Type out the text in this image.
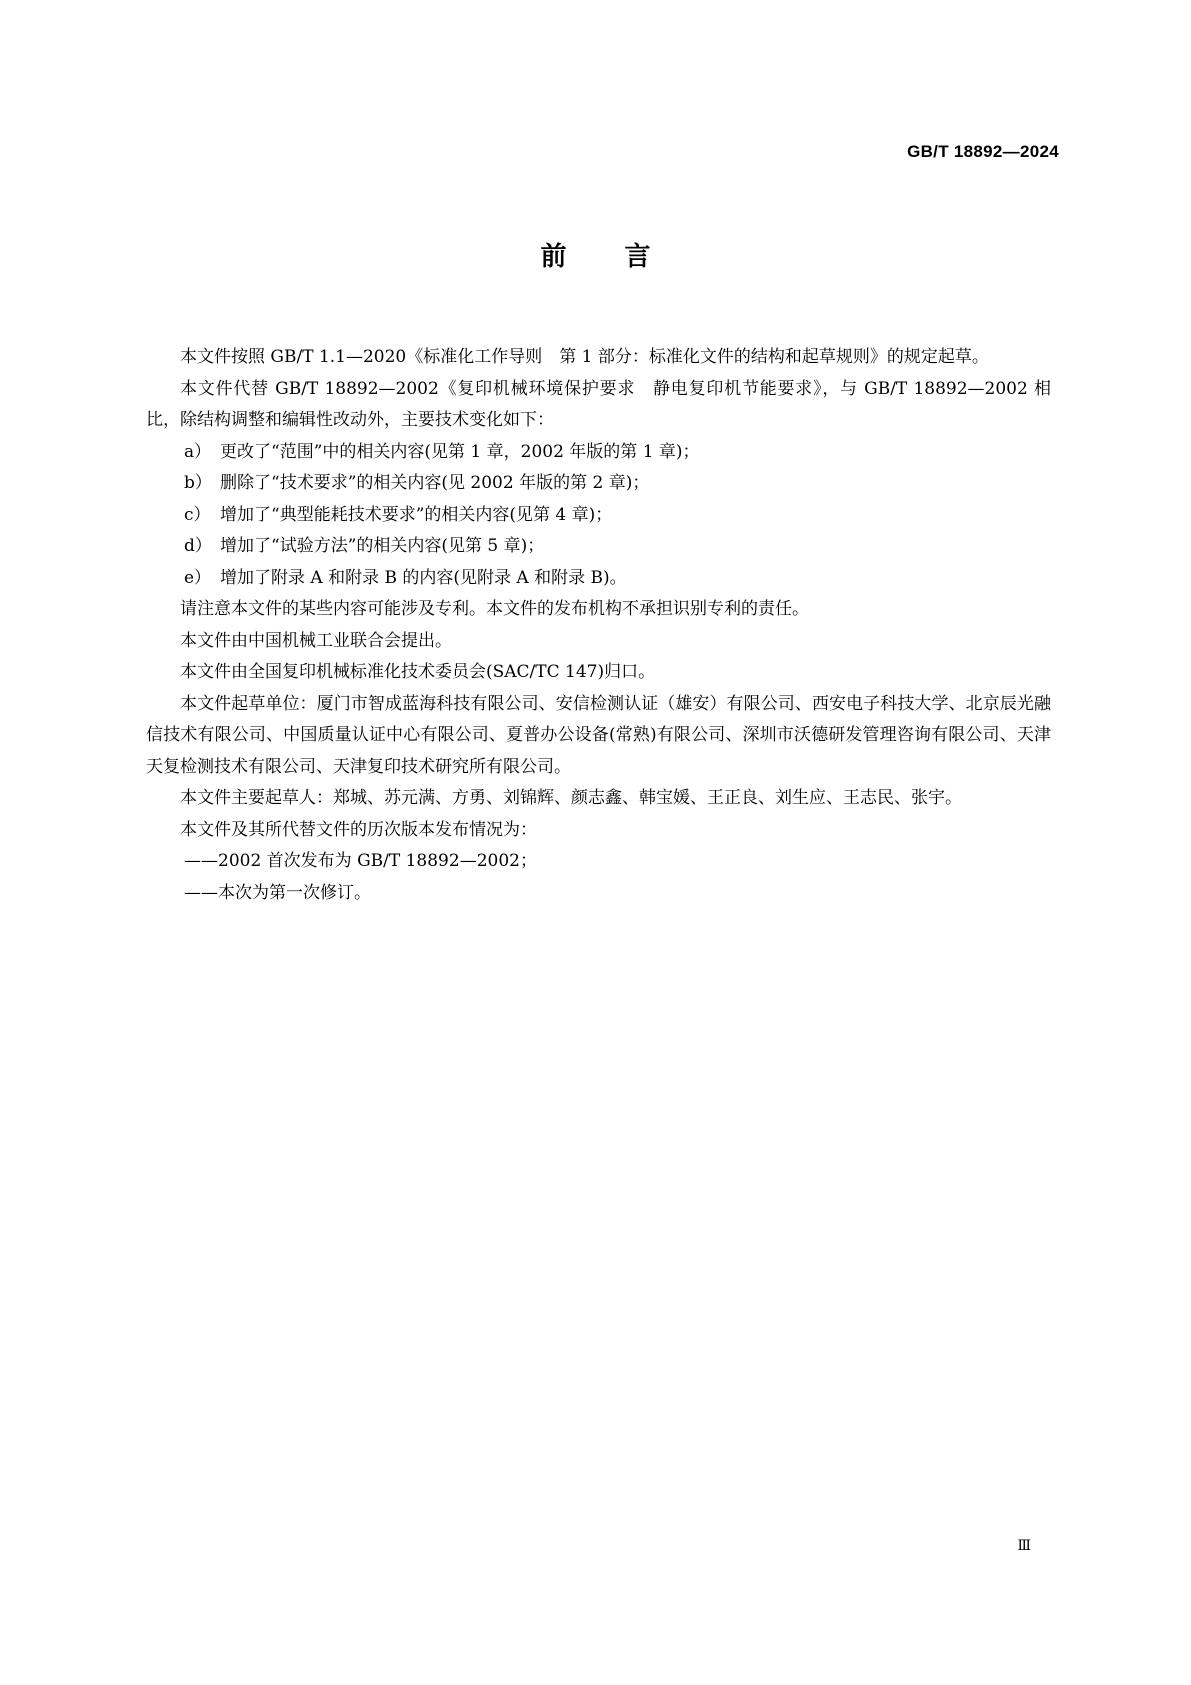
GB/T 18892—2024
前言

本文件按照 GB/T 1.1—2020《标准化工作导则　第 1 部分：标准化文件的结构和起草规则》的规定起草。

本文件代替 GB/T 18892—2002《复印机械环境保护要求　静电复印机节能要求》，与 GB/T 18892—2002 相比，除结构调整和编辑性改动外，主要技术变化如下：

a） 更改了“范围”中的相关内容(见第 1 章，2002 年版的第 1 章)；

b） 删除了“技术要求”的相关内容(见 2002 年版的第 2 章)；

c） 增加了“典型能耗技术要求”的相关内容(见第 4 章)；

d） 增加了“试验方法”的相关内容(见第 5 章)；

e） 增加了附录 A 和附录 B 的内容(见附录 A 和附录 B)。

请注意本文件的某些内容可能涉及专利。本文件的发布机构不承担识别专利的责任。

本文件由中国机械工业联合会提出。

本文件由全国复印机械标准化技术委员会(SAC/TC 147)归口。

本文件起草单位：厦门市智成蓝海科技有限公司、安信检测认证（雄安）有限公司、西安电子科技大学、北京辰光融信技术有限公司、中国质量认证中心有限公司、夏普办公设备(常熟)有限公司、深圳市沃德研发管理咨询有限公司、天津天复检测技术有限公司、天津复印技术研究所有限公司。

本文件主要起草人：郑城、苏元满、方勇、刘锦辉、颜志鑫、韩宝媛、王正良、刘生应、王志民、张宇。

本文件及其所代替文件的历次版本发布情况为：

——2002 首次发布为 GB/T 18892—2002；

——本次为第一次修订。

Ⅲ
